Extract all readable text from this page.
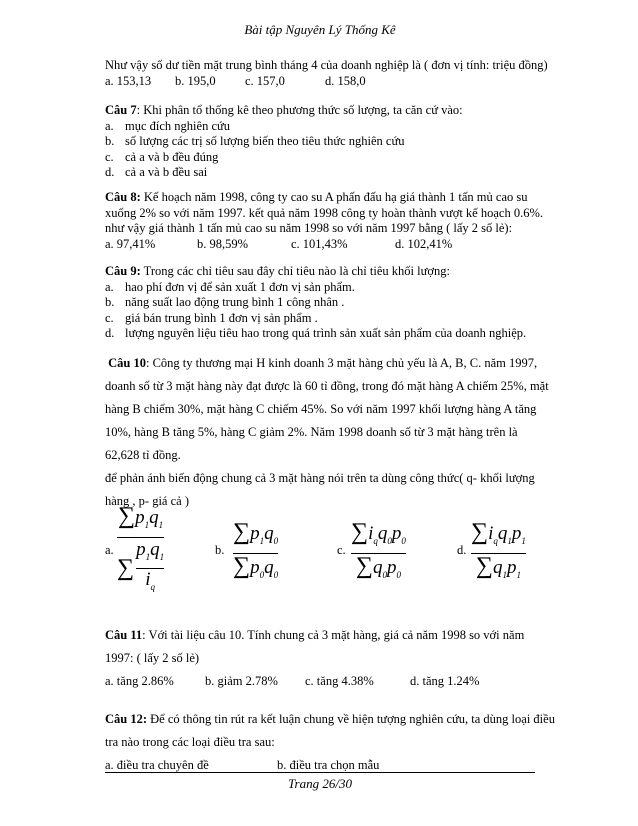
Bài tập Nguyên Lý Thống Kê
Như vậy số dư tiền mặt trung bình tháng 4 của doanh nghiệp là ( đơn vị tính: triệu đồng)
a. 153,13 b. 195,0 c. 157,0	d. 158,0
Câu 7: Khi phân tổ thống kê theo phương thức số lượng, ta căn cứ vào:
a. mục đích nghiên cứu
b. số lượng các trị số lượng biến theo tiêu thức nghiên cứu
c. cả a và b đều đúng
d. cả a và b đều sai
Câu 8: Kế hoạch năm 1998, công ty cao su A phấn đấu hạ giá thành 1 tấn mủ cao su
xuống 2% so với năm 1997. kết quả năm 1998 công ty hoàn thành vượt kế hoạch 0.6%.
như vậy giá thành 1 tấn mủ cao su năm 1998 so với năm 1997 bằng ( lấy 2 số lẻ):
a. 97,41%	b. 98,59%	c. 101,43%	d. 102,41%
Câu 9: Trong các chỉ tiêu sau đây chỉ tiêu nào là chỉ tiêu khối lượng:
a. hao phí đơn vị để sản xuất 1 đơn vị sản phẩm.
b. năng suất lao động trung bình 1 công nhân .
c. giá bán trung bình 1 đơn vị sản phẩm .
d. lượng nguyên liệu tiêu hao trong quá trình sản xuất sản phẩm của doanh nghiệp.
Câu 10: Công ty thương mại H kinh doanh 3 mặt hàng chủ yếu là A, B, C. năm 1997,
doanh số từ 3 mặt hàng này đạt được là 60 tỉ đồng, trong đó mặt hàng A chiếm 25%, mặt
hàng B chiếm 30%, mặt hàng C chiếm 45%. So với năm 1997 khối lượng hàng A tăng
10%, hàng B tăng 5%, hàng C giảm 2%. Năm 1998 doanh số từ 3 mặt hàng trên là
62,628 tỉ đồng.
để phản ánh biến động chung cả 3 mặt hàng nói trên ta dùng công thức( q- khối lượng
hàng , p- giá cả )
a.
$\sum p_1q_1$
∑
$p_1q_1$
$i_q$
b.
$\sum p_1q_0$
$\sum p_0q_0$
c.
$\sum i_qq_0p_0$
$\sum q_0p_0$
d.
$\sum i_qq_1p_1$
$\sum q_1p_1$
Câu 11: Với tài liệu câu 10. Tính chung cả 3 mặt hàng, giá cả năm 1998 so với năm
1997: ( lấy 2 số lẻ)
a. tăng 2.86%	b. giảm 2.78% c. tăng 4.38%	d. tăng 1.24%
Câu 12: Để có thông tin rút ra kết luận chung về hiện tượng nghiên cứu, ta dùng loại điều
tra nào trong các loại điều tra sau:
a. điều tra chuyên đề	b. điều tra chọn mẫu
Trang 26/30
